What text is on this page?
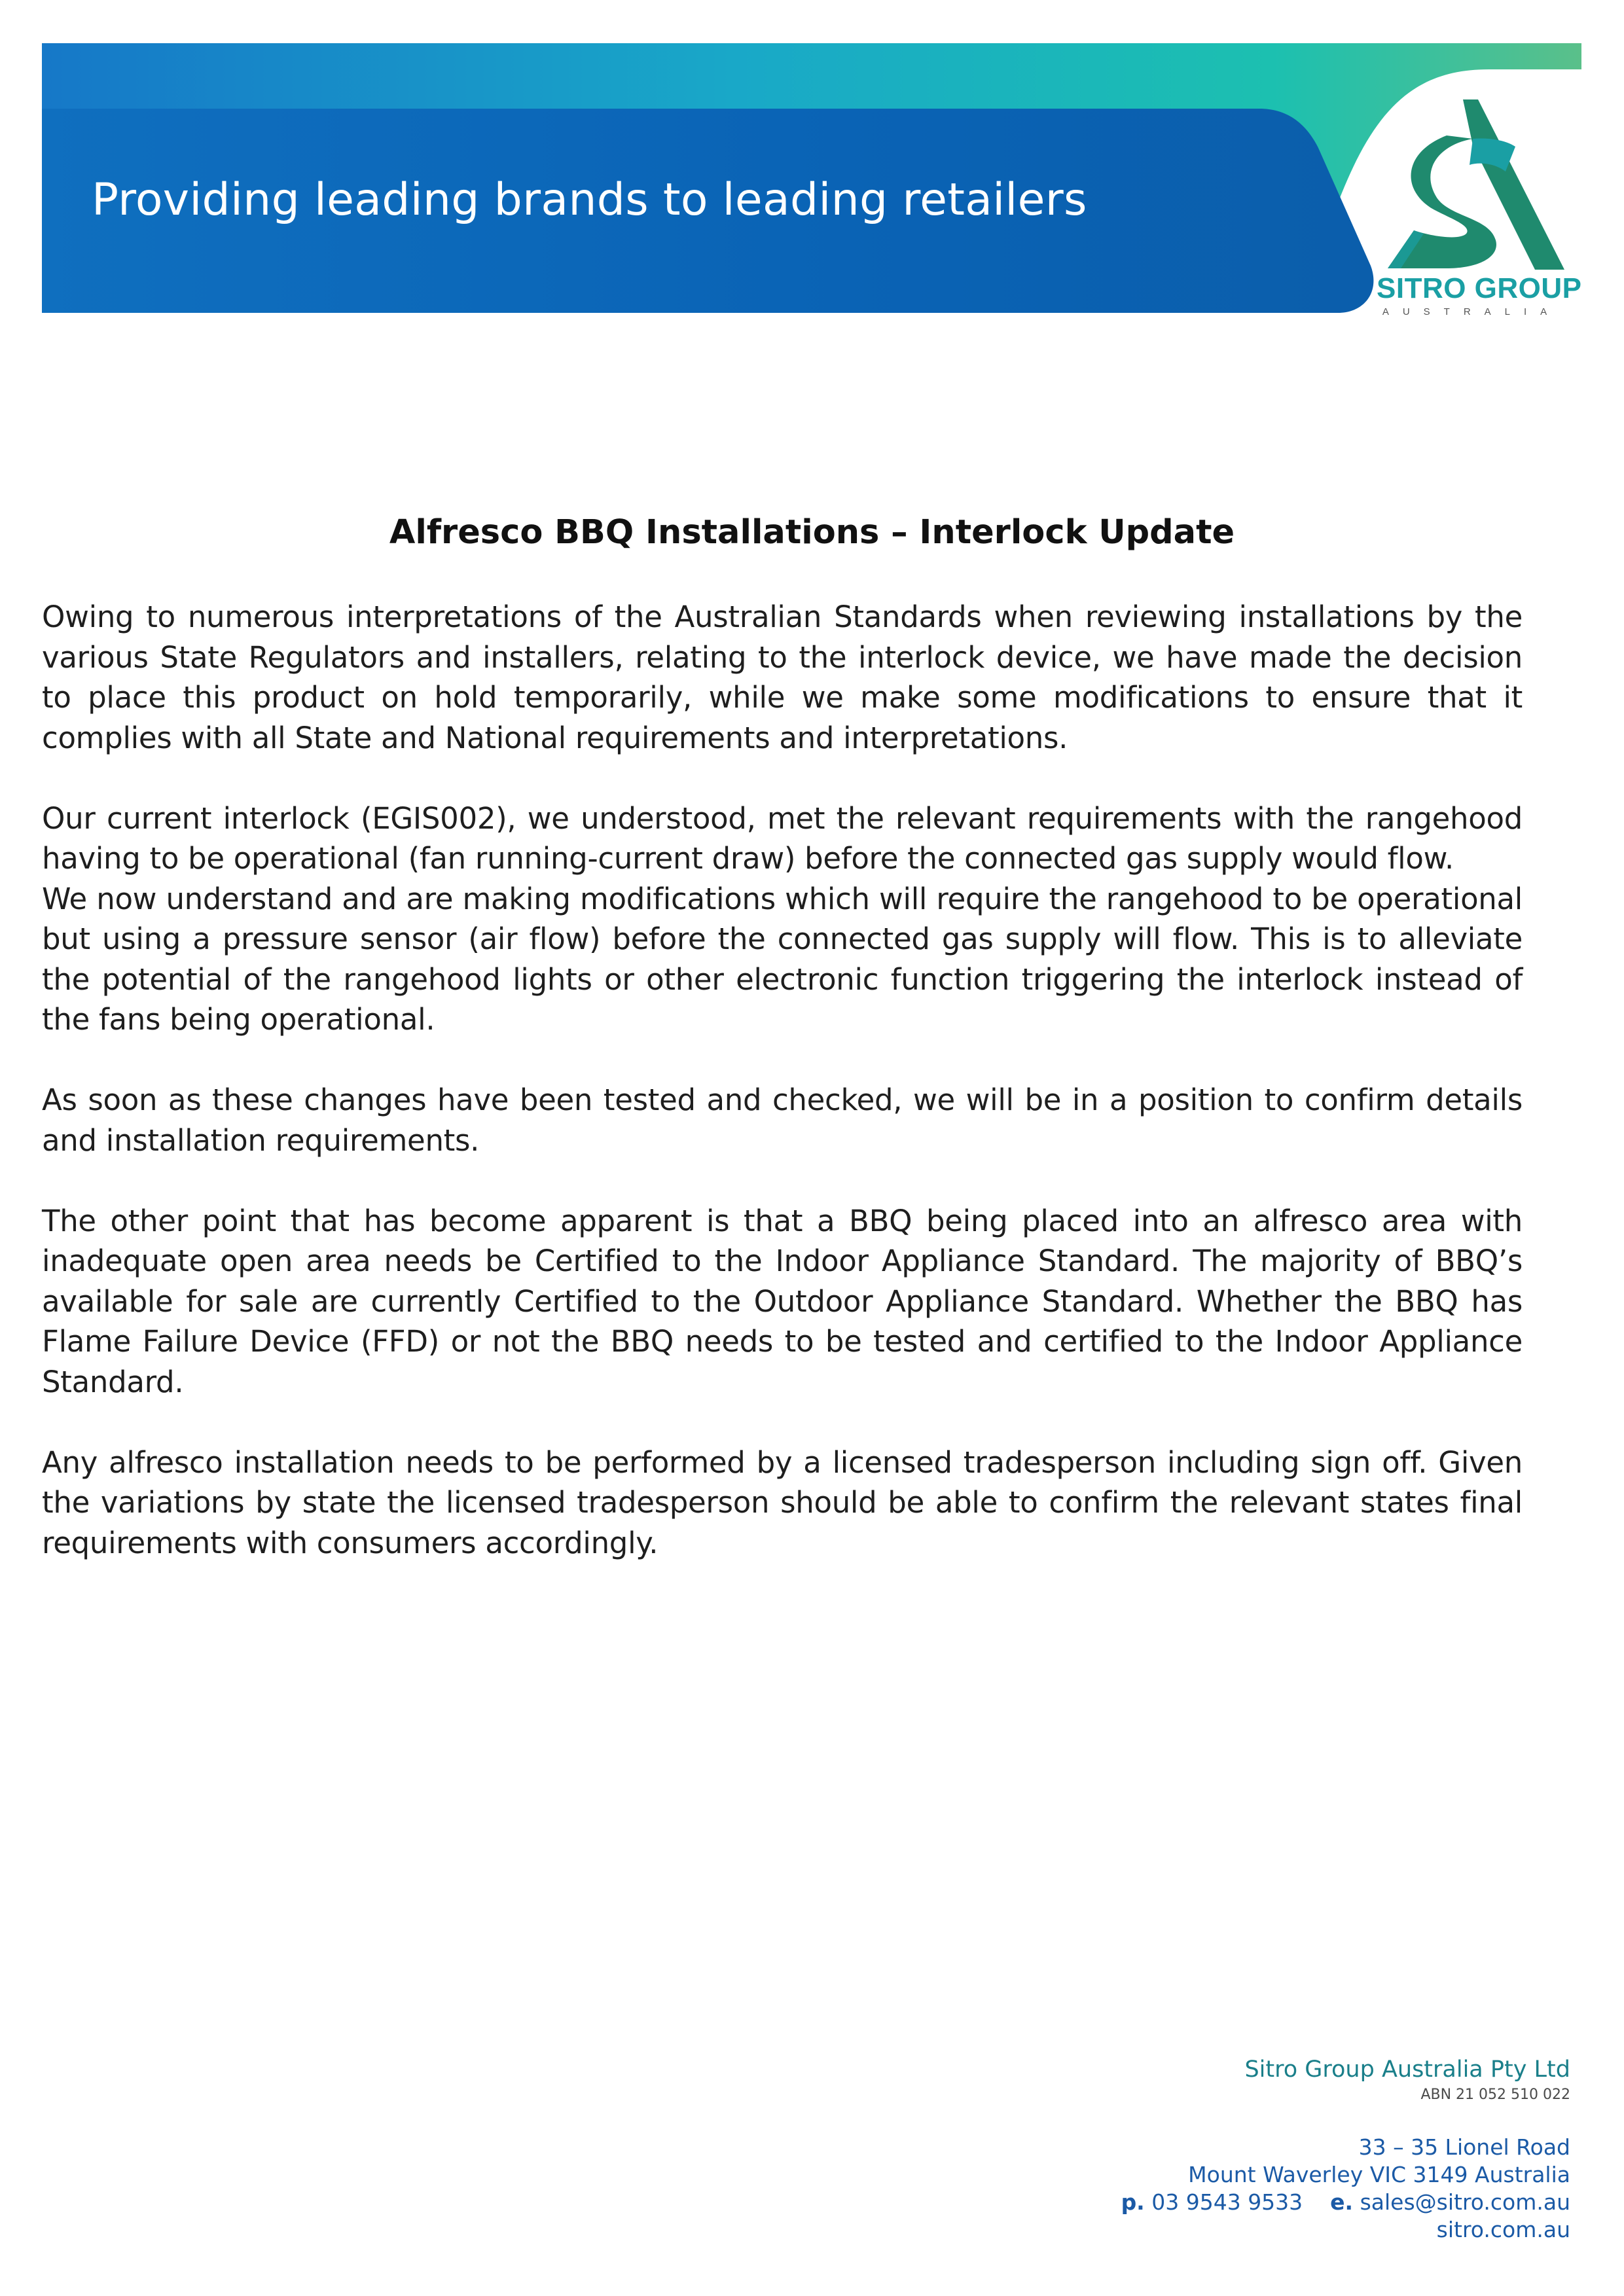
Providing leading brands to leading retailers
SITRO GROUP
AUSTRALIA
Alfresco BBQ Installations – Interlock Update

Owing to numerous interpretations of the Australian Standards when reviewing installations by the various State Regulators and installers, relating to the interlock device, we have made the decision to place this product on hold temporarily, while we make some modifications to ensure that it complies with all State and National requirements and interpretations.

Our current interlock (EGIS002), we understood, met the relevant requirements with the rangehood having to be operational (fan running-current draw) before the connected gas supply would flow.

We now understand and are making modifications which will require the rangehood to be operational but using a pressure sensor (air flow) before the connected gas supply will flow. This is to alleviate the potential of the rangehood lights or other electronic function triggering the interlock instead of the fans being operational.

As soon as these changes have been tested and checked, we will be in a position to confirm details and installation requirements.

The other point that has become apparent is that a BBQ being placed into an alfresco area with inadequate open area needs be Certified to the Indoor Appliance Standard. The majority of BBQ’s available for sale are currently Certified to the Outdoor Appliance Standard. Whether the BBQ has Flame Failure Device (FFD) or not the BBQ needs to be tested and certified to the Indoor Appliance Standard.

Any alfresco installation needs to be performed by a licensed tradesperson including sign off. Given the variations by state the licensed tradesperson should be able to confirm the relevant states final requirements with consumers accordingly.

Sitro Group Australia Pty Ltd
ABN 21 052 510 022
33 – 35 Lionel Road
Mount Waverley VIC 3149 Australia
p. 03 9543 9533 e. sales@sitro.com.au
sitro.com.au
